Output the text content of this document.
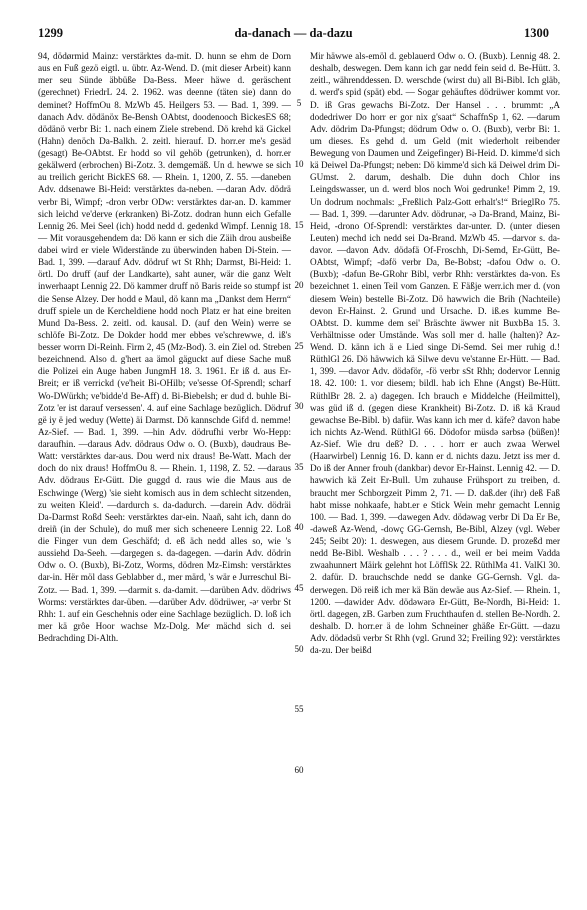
1299	da-danach — da-dazu	1300

94, dödørmid Mainz: verstärktes da-mit. D. hunn se ehm de Dorn aus en Fuß gezö eigtl. u. übtr. Az-Wend. D. (mit dieser Arbeit) kann mer seu Sünde äbbüße Da-Bess. Meer häwe d. geräschent (gerechnet) FriedrL 24. 2. 1962. was deenne (täten sie) dann do deminet? HoffmOu 8. MzWb 45. Heilgers 53. — Bad. 1, 399. —danach Adv. dödänöx Be-Bensh OAbtst, doodenooch BickesES 68; dödänö verbr Bi: 1. nach einem Ziele strebend. Dö krehd kä Gickel (Hahn) denöch Da-Balkh. 2. zeitl. hierauf. D. horr.er me's gesäd (gesagt) Be-OAbtst. Er hodd so vil gehöb (getrunken), d. horr.er gekälwerd (erbrochen) Bi-Zotz. 3. demgemäß. Un d. hewwe se sich au treilich gericht BickES 68. — Rhein. 1, 1200, Z. 55. —daneben Adv. ddsenawe Bi-Heid: verstärktes da-neben. —daran Adv. dödrä verbr Bi, Wimpf; -dron verbr ODw: verstärktes dar-an. D. kammer sich leichd ve'derve (erkranken) Bi-Zotz. dodran hunn eich Gefalle Lennig 26. Mei Seel (ich) hodd nedd d. gedenkd Wimpf. Lennig 18. — Mit vorausgehendem da: Dö kann er sich die Zäih drou ausbeiße dabei wird er viele Widerstände zu überwinden haben Di-Stein. — Bad. 1, 399. —darauf Adv. dödruf wt St Rhh; Darmst, Bi-Heid: 1. örtl. Do druff (auf der Landkarte), saht auner, wär die ganz Welt inwerhaapt Lennig 22. Dö kammer druff nö Baris reide so stumpf ist die Sense Alzey. Der hodd e Maul, dö kann ma „Dankst dem Herrn“ druff spiele un de Kercheldiene hodd noch Platz er hat eine breiten Mund Da-Bess. 2. zeitl. od. kausal. D. (auf den Wein) werre se schlöfe Bi-Zotz. De Dokder hodd mer ebbes ve'schrewwe, d. iß's besser worrn Di-Reinh. Firm 2, 45 (Mz-Bod). 3. ein Ziel od. Streben bezeichnend. Also d. g'hert aa ämol gäguckt auf diese Sache muß die Polizei ein Auge haben JungmH 18. 3. 1961. Er iß d. aus Er-Breit; er iß verrickd (ve'heit Bi-OHilb; ve'sesse Of-Sprendl; scharf Wo-DWürkh; ve'bidde'd Be-Aff) d. Bi-Biebelsh; er dud d. buhle Bi-Zotz 'er ist darauf versessen'. 4. auf eine Sachlage bezüglich. Dödruf gë iy ë jed weduy (Wette) äi Darmst. Dö kannschde Gifd d. nemme! Az-Sief. — Bad. 1, 399. —hin Adv. dödrufhi verbr Wo-Hepp: daraufhin. —daraus Adv. dödraus Odw o. O. (Buxb), dəudraus Be-Watt: verstärktes dar-aus. Dou werd nix draus! Be-Watt. Mach der doch do nix draus! HoffmOu 8. — Rhein. 1, 1198, Z. 52. —daraus Adv. dödraus Er-Gütt. Die guggd d. raus wie die Maus aus de Eschwinge (Werg) 'sie sieht komisch aus in dem schlecht sitzenden, zu weiten Kleid'. —dardurch s. da-dadurch. —darein Adv. dödräi Da-Darmst Roßd Seeh: verstärktes dar-ein. Naañ, saht ich, dann do dreiñ (in der Schule), do muß mer sich scheneere Lennig 22. Loß die Finger vun dem Geschäfd; d. eß äch nedd alles so, wie 's aussiehd Da-Seeh. —dargegen s. da-dagegen. —darin Adv. dödrin Odw o. O. (Buxb), Bi-Zotz, Worms, dödren Mz-Eimsh: verstärktes dar-in. Hër möl dass Geblabber d., mer märd, 's wär e Jurreschul Bi-Zotz. — Bad. 1, 399. —darmit s. da-damit. —darüben Adv. dödriws Worms: verstärktes dar-üben. —darüber Adv. dödrüwer, -əʳ verbr St Rhh: 1. auf ein Geschehnis oder eine Sachlage bezüglich. D. loß ich mer kä grôe Hoor wachse Mz-Dolg. Meʳ mächd sich d. sei Bedrachding Di-Alth.

5
10
15
20
25
30
35
40
45
50
55
60

Mir häwwe als-emöl d. geblauerd Odw o. O. (Buxb). Lennig 48. 2. deshalb, deswegen. Dem kann ich gar nedd fein seid d. Be-Hütt. 3. zeitl., währenddessen. D. werschde (wirst du) all Bi-Bibl. Ich gläb, d. werd's spid (spät) ebd. — Sogar gehäuftes dödrüwer kommt vor. D. iß Gras gewachs Bi-Zotz. Der Hansel . . . brummt: „A dodedriwer Do horr er gor nix g'saat“ SchaffnSp 1, 62. —darum Adv. dödrim Da-Pfungst; dödrum Odw o. O. (Buxb), verbr Bi: 1. um dieses. Es gehd d. um Geld (mit wiederholt reibender Bewegung von Daumen und Zeigefinger) Bi-Heid. D. kimme'd sich kä Deiwel Da-Pfungst; neben: Dö kimme'd sich kä Deiwel drim Di-GUmst. 2. darum, deshalb. Die duhn doch Chlor ins Leingdswasser, un d. werd blos noch Woi gedrunke! Pimm 2, 19. Un dodrum nochmals: „Freßlich Palz-Gott erhalt's!“ BrieglRo 75. — Bad. 1, 399. —darunter Adv. dödrunər, -ə Da-Brand, Mainz, Bi-Heid, -drono Of-Sprendl: verstärktes dar-unter. D. (unter diesen Leuten) mechd ich nedd sei Da-Brand. MzWb 45. —darvor s. da-davor. —davon Adv. dödəfä Of-Froschh, Di-Semd, Er-Gütt, Be-OAbtst, Wimpf; -dəfö verbr Da, Be-Bobst; -dəfou Odw o. O. (Buxb); -dəfun Be-GRohr Bibl, verbr Rhh: verstärktes da-von. Es bezeichnet 1. einen Teil vom Ganzen. E Fäßje werr.ich mer d. (von diesem Wein) bestelle Bi-Zotz. Dö hawwich die Brih (Nachteile) devon Er-Hainst. 2. Grund und Ursache. D. iß.es kumme Be-OAbtst. D. kumme dem sei' Bräschte äwwer nit BuxbBa 15. 3. Verhältnisse oder Umstände. Was soll mer d. halle (halten)? Az-Wend. D. känn ich ä e Lied singe Di-Semd. Sei mer ruhig d.! RüthlGl 26. Dö häwwich kä Silwe devu ve'stanne Er-Hütt. — Bad. 1, 399. —davor Adv. dödəför, -fö verbr sSt Rhh; dodervor Lennig 18. 42. 100: 1. vor diesem; bildl. hab ich Ehne (Angst) Be-Hütt. RüthlBr 28. 2. a) dagegen. Ich brauch e Middelche (Heilmittel), was güd iß d. (gegen diese Krankheit) Bi-Zotz. D. iß kä Kraud gewachse Be-Bibl. b) dafür. Was kann ich mer d. käfe? davon habe ich nichts Az-Wend. RüthlGl 66. Dödofor müsdə sərbsə (büßen)! Az-Sief. Wie dru deß? D. . . . horr er auch zwaa Werwel (Haarwirbel) Lennig 16. D. kann er d. nichts dazu. Jetzt iss mer d. Do iß der Anner frouh (dankbar) devor Er-Hainst. Lennig 42. — D. hawwich kä Zeit Er-Bull. Um zuhause Frühsport zu treiben, d. braucht mer Schborgzeit Pimm 2, 71. — D. daß.der (ihr) deß Faß habt misse nohkaafe, habt.er e Stick Wein mehr gemacht Lennig 100. — Bad. 1, 399. —dawegen Adv. dödəwəg verbr Di Da Er Be, -dəweß Az-Wend, -dowç GG-Gernsh, Be-Bibl, Alzey (vgl. Weber 245; Seibt 20): 1. deswegen, aus diesem Grunde. D. prozeßd mer nedd Be-Bibl. Weshalb . . . ? . . . d., weil er bei meim Vadda zwaahunnert Mäirk gelehnt hot LöfflSk 22. RüthlMa 41. ValKl 30. 2. dafür. D. brauchschde nedd se danke GG-Gernsh. Vgl. da-derwegen. Dö reiß ich mer kä Bän dewäe aus Az-Sief. — Rhein. 1, 1200. —dawider Adv. dödəwərə Er-Gütt, Be-Nordh, Bi-Heid: 1. örtl. dagegen, zB. Garben zum Fruchthaufen d. stellen Be-Nordh. 2. deshalb. D. horr.er ä de lohm Schneiner ghäße Er-Gütt. —dazu Adv. dödədsü verbr St Rhh (vgl. Grund 32; Freiling 92): verstärktes da-zu. Der beißd
